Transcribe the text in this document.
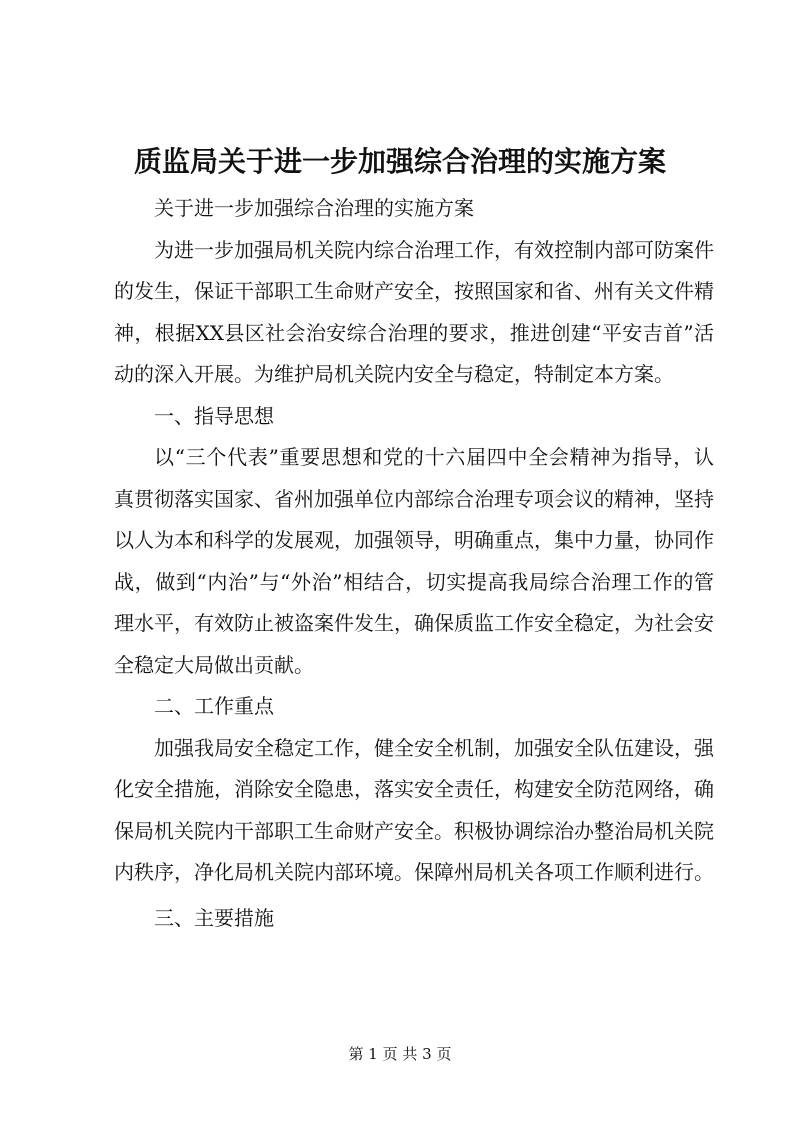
质监局关于进一步加强综合治理的实施方案

关于进一步加强综合治理的实施方案

为进一步加强局机关院内综合治理工作，有效控制内部可防案件的发生，保证干部职工生命财产安全，按照国家和省、州有关文件精神，根据XX县区社会治安综合治理的要求，推进创建“平安吉首”活动的深入开展。为维护局机关院内安全与稳定，特制定本方案。

一、指导思想

以“三个代表”重要思想和党的十六届四中全会精神为指导，认真贯彻落实国家、省州加强单位内部综合治理专项会议的精神，坚持以人为本和科学的发展观，加强领导，明确重点，集中力量，协同作战，做到“内治”与“外治”相结合，切实提高我局综合治理工作的管理水平，有效防止被盗案件发生，确保质监工作安全稳定，为社会安全稳定大局做出贡献。

二、工作重点

加强我局安全稳定工作，健全安全机制，加强安全队伍建设，强化安全措施，消除安全隐患，落实安全责任，构建安全防范网络，确保局机关院内干部职工生命财产安全。积极协调综治办整治局机关院内秩序，净化局机关院内部环境。保障州局机关各项工作顺利进行。

三、主要措施

第 1 页 共 3 页
